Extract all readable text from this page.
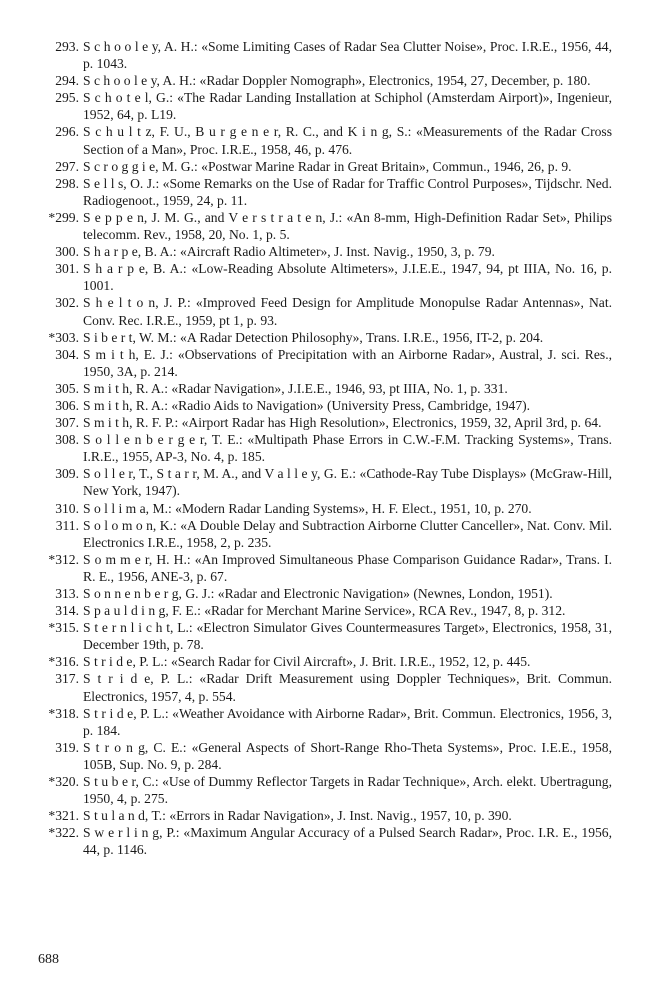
293. S c h o o l e y, A. H.: «Some Limiting Cases of Radar Sea Clutter Noise», Proc. I.R.E., 1956, 44, p. 1043.
294. S c h o o l e y, A. H.: «Radar Doppler Nomograph», Electronics, 1954, 27, December, p. 180.
295. S c h o t e l, G.: «The Radar Landing Installation at Schiphol (Amsterdam Airport)», Ingenieur, 1952, 64, p. L19.
296. S c h u l t z, F. U., B u r g e n e r, R. C., and K i n g, S.: «Measurements of the Radar Cross Section of a Man», Proc. I.R.E., 1958, 46, p. 476.
297. S c r o g g i e, M. G.: «Postwar Marine Radar in Great Britain», Commun., 1946, 26, p. 9.
298. S e l l s, O. J.: «Some Remarks on the Use of Radar for Traffic Control Purposes», Tijdschr. Ned. Radiogenoot., 1959, 24, p. 11.
*299. S e p p e n, J. M. G., and V e r s t r a t e n, J.: «An 8-mm, High-Definition Radar Set», Philips telecomm. Rev., 1958, 20, No. 1, p. 5.
300. S h a r p e, B. A.: «Aircraft Radio Altimeter», J. Inst. Navig., 1950, 3, p. 79.
301. S h a r p e, B. A.: «Low-Reading Absolute Altimeters», J.I.E.E., 1947, 94, pt IIIA, No. 16, p. 1001.
302. S h e l t o n, J. P.: «Improved Feed Design for Amplitude Monopulse Radar Antennas», Nat. Conv. Rec. I.R.E., 1959, pt 1, p. 93.
*303. S i b e r t, W. M.: «A Radar Detection Philosophy», Trans. I.R.E., 1956, IT-2, p. 204.
304. S m i t h, E. J.: «Observations of Precipitation with an Airborne Radar», Austral, J. sci. Res., 1950, 3A, p. 214.
305. S m i t h, R. A.: «Radar Navigation», J.I.E.E., 1946, 93, pt IIIA, No. 1, p. 331.
306. S m i t h, R. A.: «Radio Aids to Navigation» (University Press, Cambridge, 1947).
307. S m i t h, R. F. P.: «Airport Radar has High Resolution», Electronics, 1959, 32, April 3rd, p. 64.
308. S o l l e n b e r g e r, T. E.: «Multipath Phase Errors in C.W.-F.M. Tracking Systems», Trans. I.R.E., 1955, AP-3, No. 4, p. 185.
309. S o l l e r, T., S t a r r, M. A., and V a l l e y, G. E.: «Cathode-Ray Tube Displays» (McGraw-Hill, New York, 1947).
310. S o l l i m a, M.: «Modern Radar Landing Systems», H. F. Elect., 1951, 10, p. 270.
311. S o l o m o n, K.: «A Double Delay and Subtraction Airborne Clutter Canceller», Nat. Conv. Mil. Electronics I.R.E., 1958, 2, p. 235.
*312. S o m m e r, H. H.: «An Improved Simultaneous Phase Comparison Guidance Radar», Trans. I. R. E., 1956, ANE-3, p. 67.
313. S o n n e n b e r g, G. J.: «Radar and Electronic Navigation» (Newnes, London, 1951).
314. S p a u l d i n g, F. E.: «Radar for Merchant Marine Service», RCA Rev., 1947, 8, p. 312.
*315. S t e r n l i c h t, L.: «Electron Simulator Gives Countermeasures Target», Electronics, 1958, 31, December 19th, p. 78.
*316. S t r i d e, P. L.: «Search Radar for Civil Aircraft», J. Brit. I.R.E., 1952, 12, p. 445.
317. S t r i d e, P. L.: «Radar Drift Measurement using Doppler Techniques», Brit. Commun. Electronics, 1957, 4, p. 554.
*318. S t r i d e, P. L.: «Weather Avoidance with Airborne Radar», Brit. Commun. Electronics, 1956, 3, p. 184.
319. S t r o n g, C. E.: «General Aspects of Short-Range Rho-Theta Systems», Proc. I.E.E., 1958, 105B, Sup. No. 9, p. 284.
*320. S t u b e r, C.: «Use of Dummy Reflector Targets in Radar Technique», Arch. elekt. Ubertragung, 1950, 4, p. 275.
*321. S t u l a n d, T.: «Errors in Radar Navigation», J. Inst. Navig., 1957, 10, p. 390.
*322. S w e r l i n g, P.: «Maximum Angular Accuracy of a Pulsed Search Radar», Proc. I.R. E., 1956, 44, p. 1146.
688
